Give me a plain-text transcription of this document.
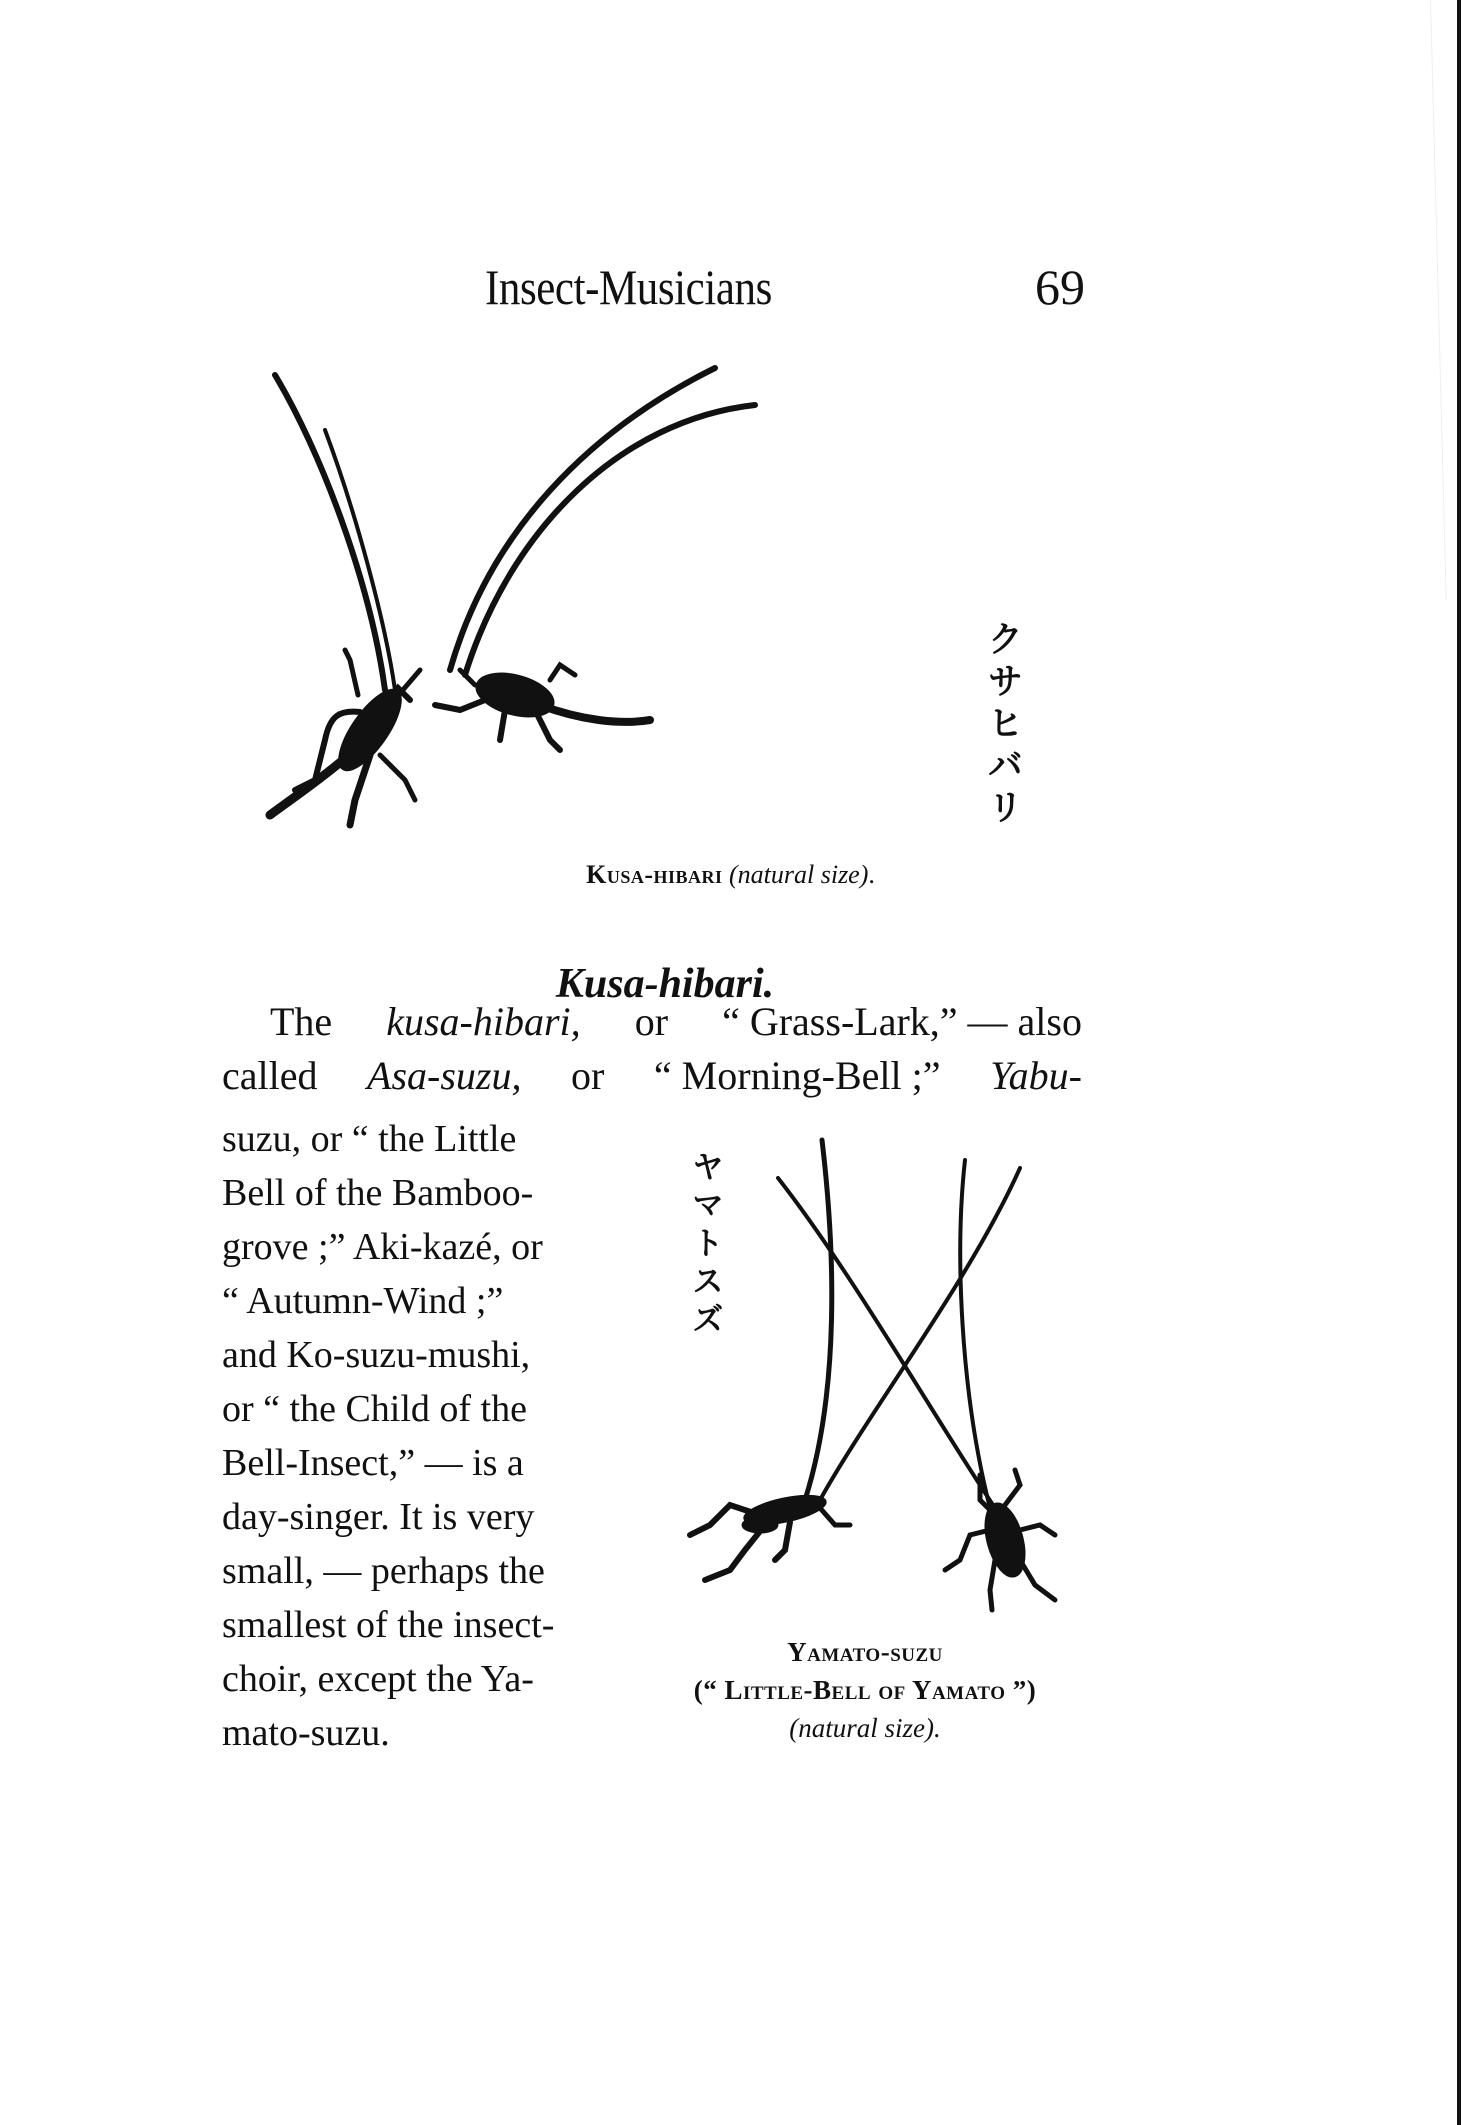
Insect-Musicians	69
クサヒバリ
Kusa-hibari (natural size).
Kusa-hibari.
The kusa-hibari, or “ Grass-Lark,” — also
called Asa-suzu, or “ Morning-Bell ;” Yabu-
suzu, or “ the Little
Bell of the Bamboo-
grove ;” Aki-kazé, or
“ Autumn-Wind ;”
and Ko-suzu-mushi,
or “ the Child of the
Bell-Insect,” — is a
day-singer. It is very
small, — perhaps the
smallest of the insect-
choir, except the Ya-
mato-suzu.
ヤマトスズ
Yamato-suzu
(“ Little-Bell of Yamato ”)
(natural size).
